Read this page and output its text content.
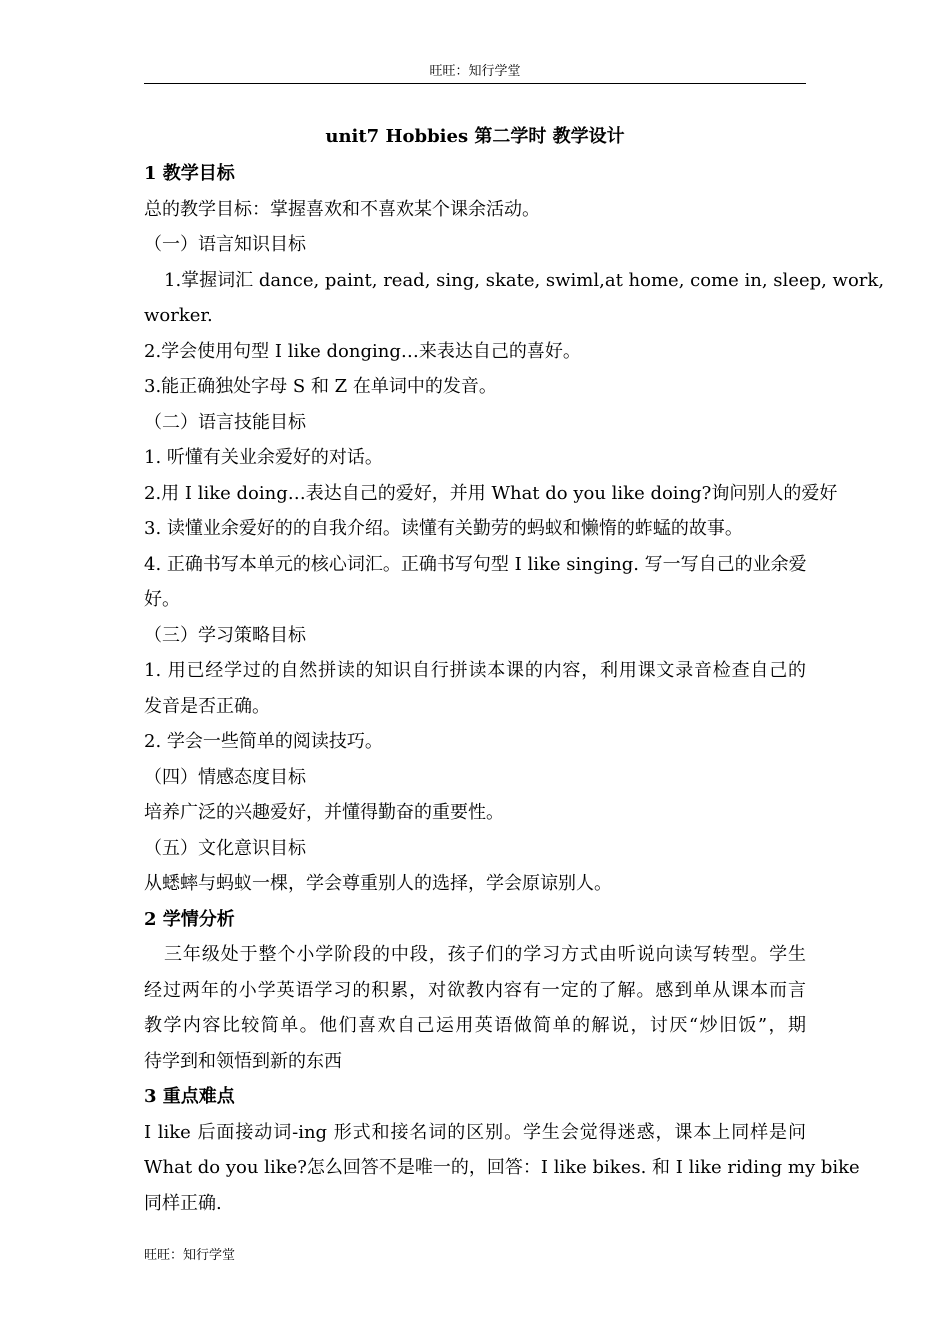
旺旺：知行学堂
unit7 Hobbies 第二学时 教学设计
1 教学目标
总的教学目标：掌握喜欢和不喜欢某个课余活动。
（一）语言知识目标
1.掌握词汇 dance, paint, read, sing, skate, swiml,at home, come in, sleep, work,
worker.
2.学会使用句型 I like donging…来表达自己的喜好。
3.能正确独处字母 S 和 Z 在单词中的发音。
（二）语言技能目标
1. 听懂有关业余爱好的对话。
2.用 I like doing…表达自己的爱好，并用 What do you like doing?询问别人的爱好
3. 读懂业余爱好的的自我介绍。读懂有关勤劳的蚂蚁和懒惰的蚱蜢的故事。
4. 正确书写本单元的核心词汇。正确书写句型 I like singing. 写一写自己的业余爱
好。
（三）学习策略目标
1. 用已经学过的自然拼读的知识自行拼读本课的内容，利用课文录音检查自己的
发音是否正确。
2. 学会一些简单的阅读技巧。
（四）情感态度目标
培养广泛的兴趣爱好，并懂得勤奋的重要性。
（五）文化意识目标
从蟋蟀与蚂蚁一棵，学会尊重别人的选择，学会原谅别人。
2 学情分析
三年级处于整个小学阶段的中段，孩子们的学习方式由听说向读写转型。学生
经过两年的小学英语学习的积累，对欲教内容有一定的了解。感到单从课本而言
教学内容比较简单。他们喜欢自己运用英语做简单的解说，讨厌“炒旧饭”，期
待学到和领悟到新的东西
3 重点难点
I like 后面接动词-ing 形式和接名词的区别。学生会觉得迷惑，课本上同样是问
What do you like?怎么回答不是唯一的，回答：I like bikes. 和 I like riding my bike
同样正确.
旺旺：知行学堂
